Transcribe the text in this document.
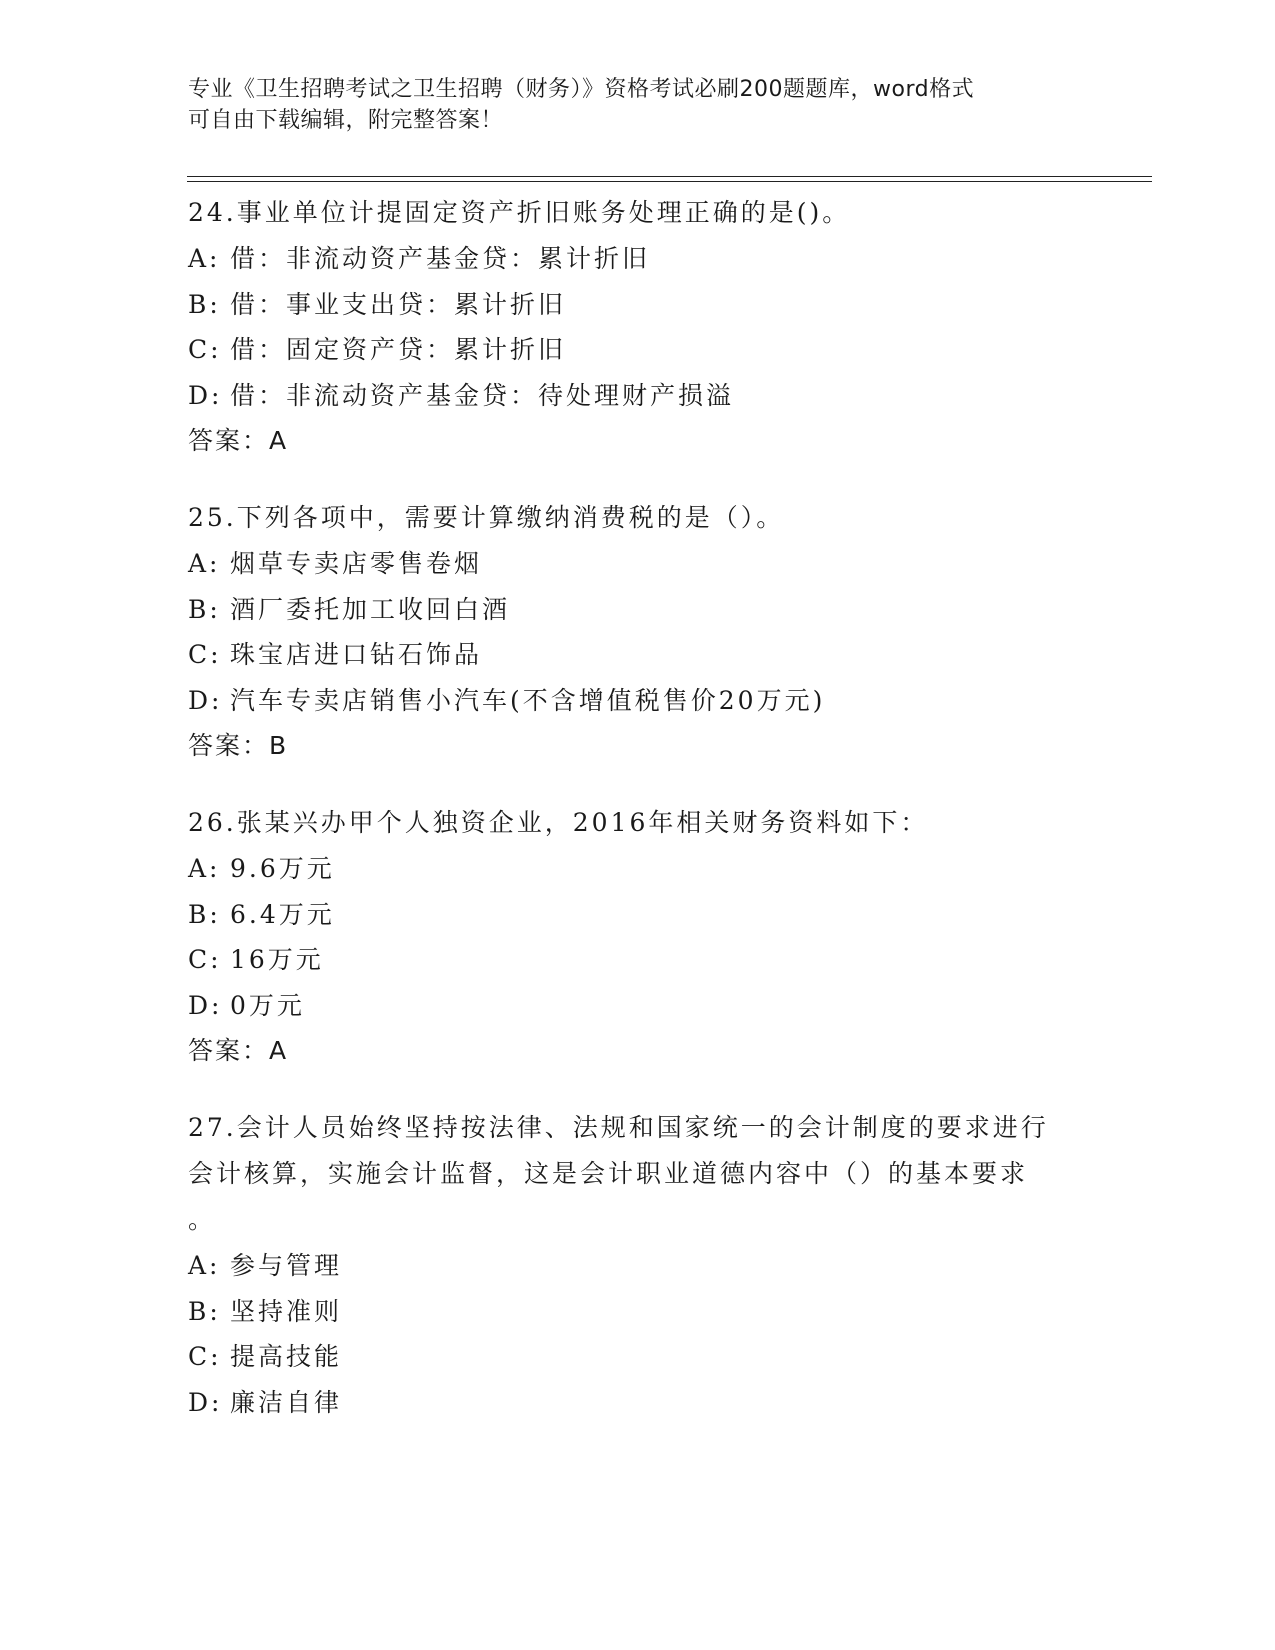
专业《卫生招聘考试之卫生招聘（财务）》资格考试必刷200题题库，word格式
可自由下载编辑，附完整答案！
24.事业单位计提固定资产折旧账务处理正确的是()。
A: 借：非流动资产基金贷：累计折旧
B: 借：事业支出贷：累计折旧
C: 借：固定资产贷：累计折旧
D: 借：非流动资产基金贷：待处理财产损溢
答案：A
25.下列各项中，需要计算缴纳消费税的是（）。
A: 烟草专卖店零售卷烟
B: 酒厂委托加工收回白酒
C: 珠宝店进口钻石饰品
D: 汽车专卖店销售小汽车(不含增值税售价20万元)
答案：B
26.张某兴办甲个人独资企业，2016年相关财务资料如下：
A: 9.6万元
B: 6.4万元
C: 16万元
D: 0万元
答案：A
27.会计人员始终坚持按法律、法规和国家统一的会计制度的要求进行
会计核算，实施会计监督，这是会计职业道德内容中（）的基本要求
。
A: 参与管理
B: 坚持准则
C: 提高技能
D: 廉洁自律
